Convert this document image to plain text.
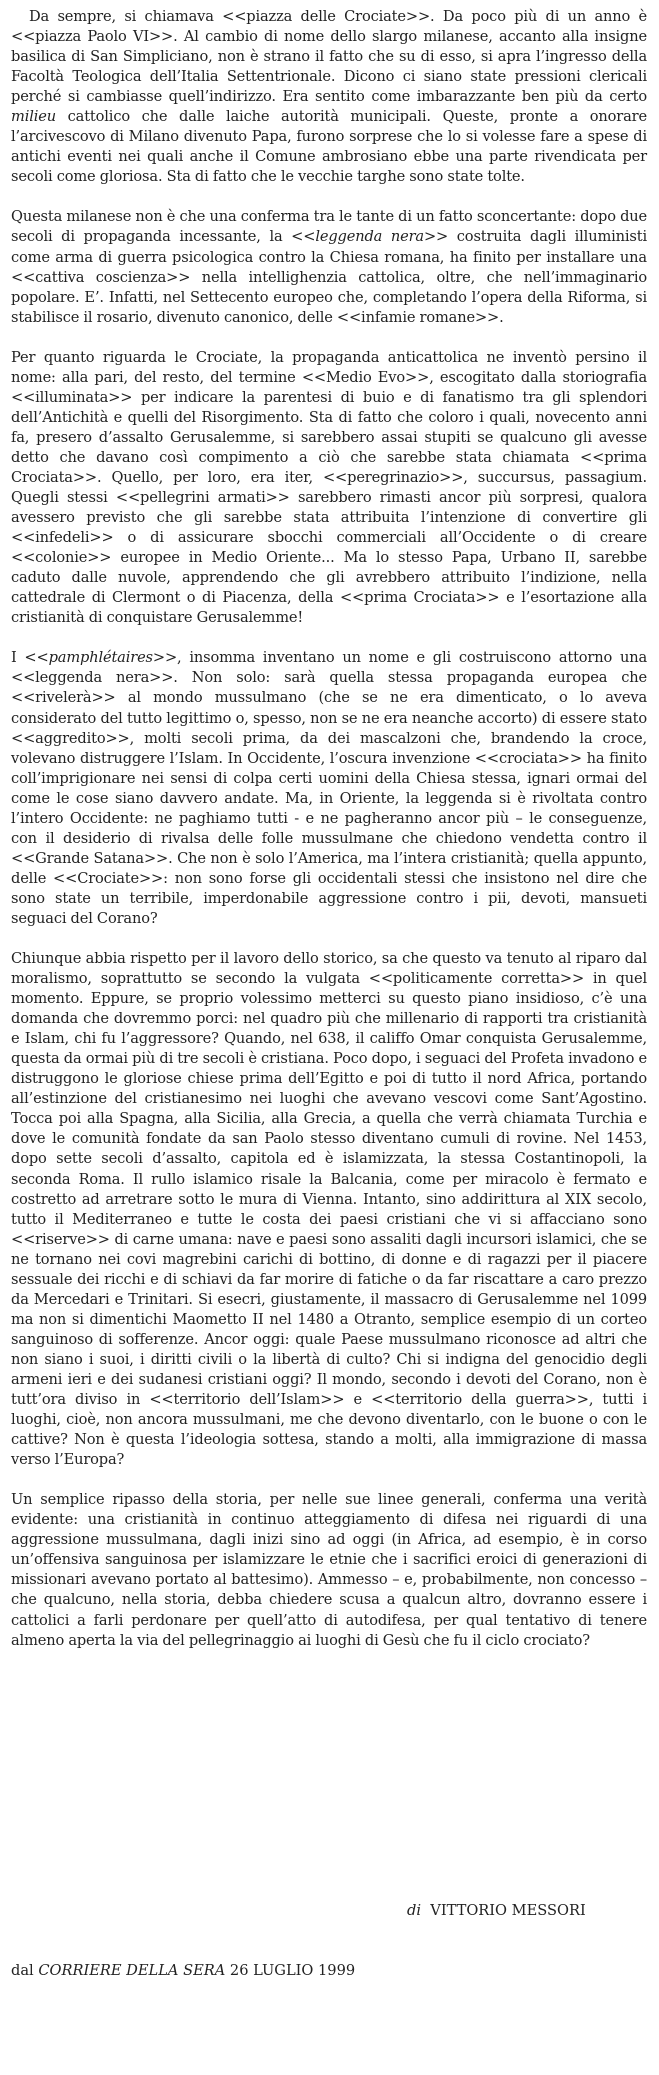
Da sempre, si chiamava <<piazza delle Crociate>>. Da poco più di un anno è <<piazza Paolo VI>>. Al cambio di nome dello slargo milanese, accanto alla insigne basilica di San Simpliciano, non è strano il fatto che su di esso, si apra l’ingresso della Facoltà Teologica dell’Italia Settentrionale. Dicono ci siano state pressioni clericali perché si cambiasse quell’indirizzo. Era sentito come imbarazzante ben più da certo milieu cattolico che dalle laiche autorità municipali. Queste, pronte a onorare l’arcivescovo di Milano divenuto Papa, furono sorprese che lo si volesse fare a spese di antichi eventi nei quali anche il Comune ambrosiano ebbe una parte rivendicata per secoli come gloriosa. Sta di fatto che le vecchie targhe sono state tolte.

Questa milanese non è che una conferma tra le tante di un fatto sconcertante: dopo due secoli di propaganda incessante, la <<leggenda nera>> costruita dagli illuministi come arma di guerra psicologica contro la Chiesa romana, ha finito per installare una <<cattiva coscienza>> nella intellighenzia cattolica, oltre, che nell’immaginario popolare. E’. Infatti, nel Settecento europeo che, completando l’opera della Riforma, si stabilisce il rosario, divenuto canonico, delle <<infamie romane>>.

Per quanto riguarda le Crociate, la propaganda anticattolica ne inventò persino il nome: alla pari, del resto, del termine <<Medio Evo>>, escogitato dalla storiografia <<illuminata>> per indicare la parentesi di buio e di fanatismo tra gli splendori dell’Antichità e quelli del Risorgimento. Sta di fatto che coloro i quali, novecento anni fa, presero d’assalto Gerusalemme, si sarebbero assai stupiti se qualcuno gli avesse detto che davano così compimento a ciò che sarebbe stata chiamata <<prima Crociata>>. Quello, per loro, era iter, <<peregrinazio>>, succursus, passagium. Quegli stessi <<pellegrini armati>> sarebbero rimasti ancor più sorpresi, qualora avessero previsto che gli sarebbe stata attribuita l’intenzione di convertire gli <<infedeli>> o di assicurare sbocchi commerciali all’Occidente o di creare <<colonie>> europee in Medio Oriente... Ma lo stesso Papa, Urbano II, sarebbe caduto dalle nuvole, apprendendo che gli avrebbero attribuito l’indizione, nella cattedrale di Clermont o di Piacenza, della <<prima Crociata>> e l’esortazione alla cristianità di conquistare Gerusalemme!

I <<pamphlétaires>>, insomma inventano un nome e gli costruiscono attorno una <<leggenda nera>>. Non solo: sarà quella stessa propaganda europea che <<rivelerà>> al mondo mussulmano (che se ne era dimenticato, o lo aveva considerato del tutto legittimo o, spesso, non se ne era neanche accorto) di essere stato <<aggredito>>, molti secoli prima, da dei mascalzoni che, brandendo la croce, volevano distruggere l’Islam. In Occidente, l’oscura invenzione <<crociata>> ha finito coll’imprigionare nei sensi di colpa certi uomini della Chiesa stessa, ignari ormai del come le cose siano davvero andate. Ma, in Oriente, la leggenda si è rivoltata contro l’intero Occidente: ne paghiamo tutti - e ne pagheranno ancor più – le conseguenze, con il desiderio di rivalsa delle folle mussulmane che chiedono vendetta contro il <<Grande Satana>>. Che non è solo l’America, ma l’intera cristianità; quella appunto, delle <<Crociate>>: non sono forse gli occidentali stessi che insistono nel dire che sono state un terribile, imperdonabile aggressione contro i pii, devoti, mansueti seguaci del Corano?

Chiunque abbia rispetto per il lavoro dello storico, sa che questo va tenuto al riparo dal moralismo, soprattutto se secondo la vulgata <<politicamente corretta>> in quel momento. Eppure, se proprio volessimo metterci su questo piano insidioso, c’è una domanda che dovremmo porci: nel quadro più che millenario di rapporti tra cristianità e Islam, chi fu l’aggressore? Quando, nel 638, il califfo Omar conquista Gerusalemme, questa da ormai più di tre secoli è cristiana. Poco dopo, i seguaci del Profeta invadono e distruggono le gloriose chiese prima dell’Egitto e poi di tutto il nord Africa, portando all’estinzione del cristianesimo nei luoghi che avevano vescovi come Sant’Agostino. Tocca poi alla Spagna, alla Sicilia, alla Grecia, a quella che verrà chiamata Turchia e dove le comunità fondate da san Paolo stesso diventano cumuli di rovine. Nel 1453, dopo sette secoli d’assalto, capitola ed è islamizzata, la stessa Costantinopoli, la seconda Roma. Il rullo islamico risale la Balcania, come per miracolo è fermato e costretto ad arretrare sotto le mura di Vienna. Intanto, sino addirittura al XIX secolo, tutto il Mediterraneo e tutte le costa dei paesi cristiani che vi si affacciano sono <<riserve>> di carne umana: nave e paesi sono assaliti dagli incursori islamici, che se ne tornano nei covi magrebini carichi di bottino, di donne e di ragazzi per il piacere sessuale dei ricchi e di schiavi da far morire di fatiche o da far riscattare a caro prezzo da Mercedari e Trinitari. Si esecri, giustamente, il massacro di Gerusalemme nel 1099 ma non si dimentichi Maometto II nel 1480 a Otranto, semplice esempio di un corteo sanguinoso di sofferenze. Ancor oggi: quale Paese mussulmano riconosce ad altri che non siano i suoi, i diritti civili o la libertà di culto? Chi si indigna del genocidio degli armeni ieri e dei sudanesi cristiani oggi? Il mondo, secondo i devoti del Corano, non è tutt’ora diviso in <<territorio dell’Islam>> e <<territorio della guerra>>, tutti i luoghi, cioè, non ancora mussulmani, me che devono diventarlo, con le buone o con le cattive? Non è questa l’ideologia sottesa, stando a molti, alla immigrazione di massa verso l’Europa?

Un semplice ripasso della storia, per nelle sue linee generali, conferma una verità evidente: una cristianità in continuo atteggiamento di difesa nei riguardi di una aggressione mussulmana, dagli inizi sino ad oggi (in Africa, ad esempio, è in corso un’offensiva sanguinosa per islamizzare le etnie che i sacrifici eroici di generazioni di missionari avevano portato al battesimo). Ammesso – e, probabilmente, non concesso – che qualcuno, nella storia, debba chiedere scusa a qualcun altro, dovranno essere i cattolici a farli perdonare per quell’atto di autodifesa, per qual tentativo di tenere almeno aperta la via del pellegrinaggio ai luoghi di Gesù che fu il ciclo crociato?

di VITTORIO MESSORI
dal CORRIERE DELLA SERA 26 LUGLIO 1999
